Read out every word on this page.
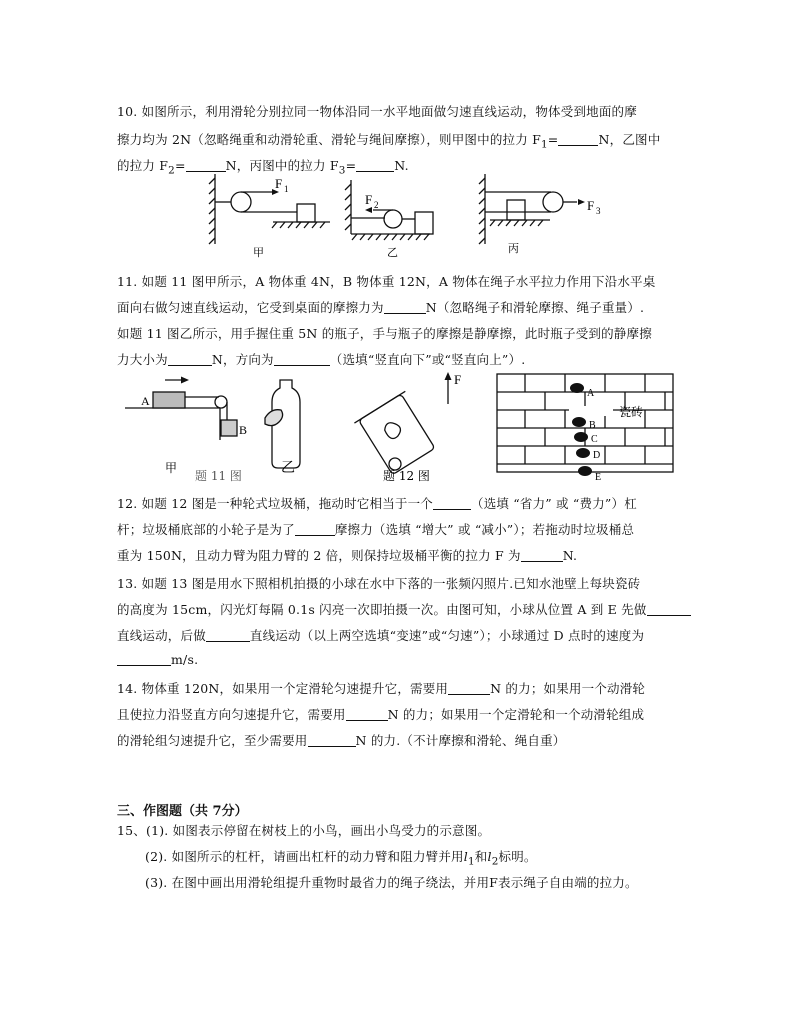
10. 如图所示，利用滑轮分别拉同一物体沿同一水平地面做匀速直线运动，物体受到地面的摩
擦力均为 2N（忽略绳重和动滑轮重、滑轮与绳间摩擦），则甲图中的拉力 $F_1=$	N，乙图中
的拉力 $F_2=$	N，丙图中的拉力 $F_3=$	N.
F 1
F 2	F 3
甲	乙	丙
11. 如题 11 图甲所示，A 物体重 4N，B 物体重 12N，A 物体在绳子水平拉力作用下沿水平桌
面向右做匀速直线运动，它受到桌面的摩擦力为	N（忽略绳子和滑轮摩擦、绳子重量）.
如题 11 图乙所示，用手握住重 5N 的瓶子，手与瓶子的摩擦是静摩擦，此时瓶子受到的静摩擦
力大小为	N，方向为	（选填“竖直向下”或“竖直向上”）.
A
B
甲
题 11 图	乙	题 12 图
F
瓷砖
A
B
C
D
E
12. 如题 12 图是一种轮式垃圾桶，拖动时它相当于一个	（选填 “省力” 或 “费力”）杠
杆；垃圾桶底部的小轮子是为了	摩擦力（选填 “增大” 或 “减小”）；若拖动时垃圾桶总
重为 150N，且动力臂为阻力臂的 2 倍，则保持垃圾桶平衡的拉力 F 为	N.
13. 如题 13 图是用水下照相机拍摄的小球在水中下落的一张频闪照片.已知水池壁上每块瓷砖
的高度为 15cm，闪光灯每隔 0.1s 闪亮一次即拍摄一次。由图可知，小球从位置 A 到 E 先做
直线运动，后做	直线运动（以上两空选填“变速”或“匀速”）；小球通过 D 点时的速度为
m/s.
14. 物体重 120N，如果用一个定滑轮匀速提升它，需要用	N 的力；如果用一个动滑轮
且使拉力沿竖直方向匀速提升它，需要用	N 的力；如果用一个定滑轮和一个动滑轮组成
的滑轮组匀速提升它，至少需要用	N 的力.（不计摩擦和滑轮、绳自重）
三、作图题（共 7分）
15、(1). 如图表示停留在树枝上的小鸟，画出小鸟受力的示意图。
(2). 如图所示的杠杆，请画出杠杆的动力臂和阻力臂并用$l_1$和$l_2$标明。
(3). 在图中画出用滑轮组提升重物时最省力的绳子绕法，并用F表示绳子自由端的拉力。
